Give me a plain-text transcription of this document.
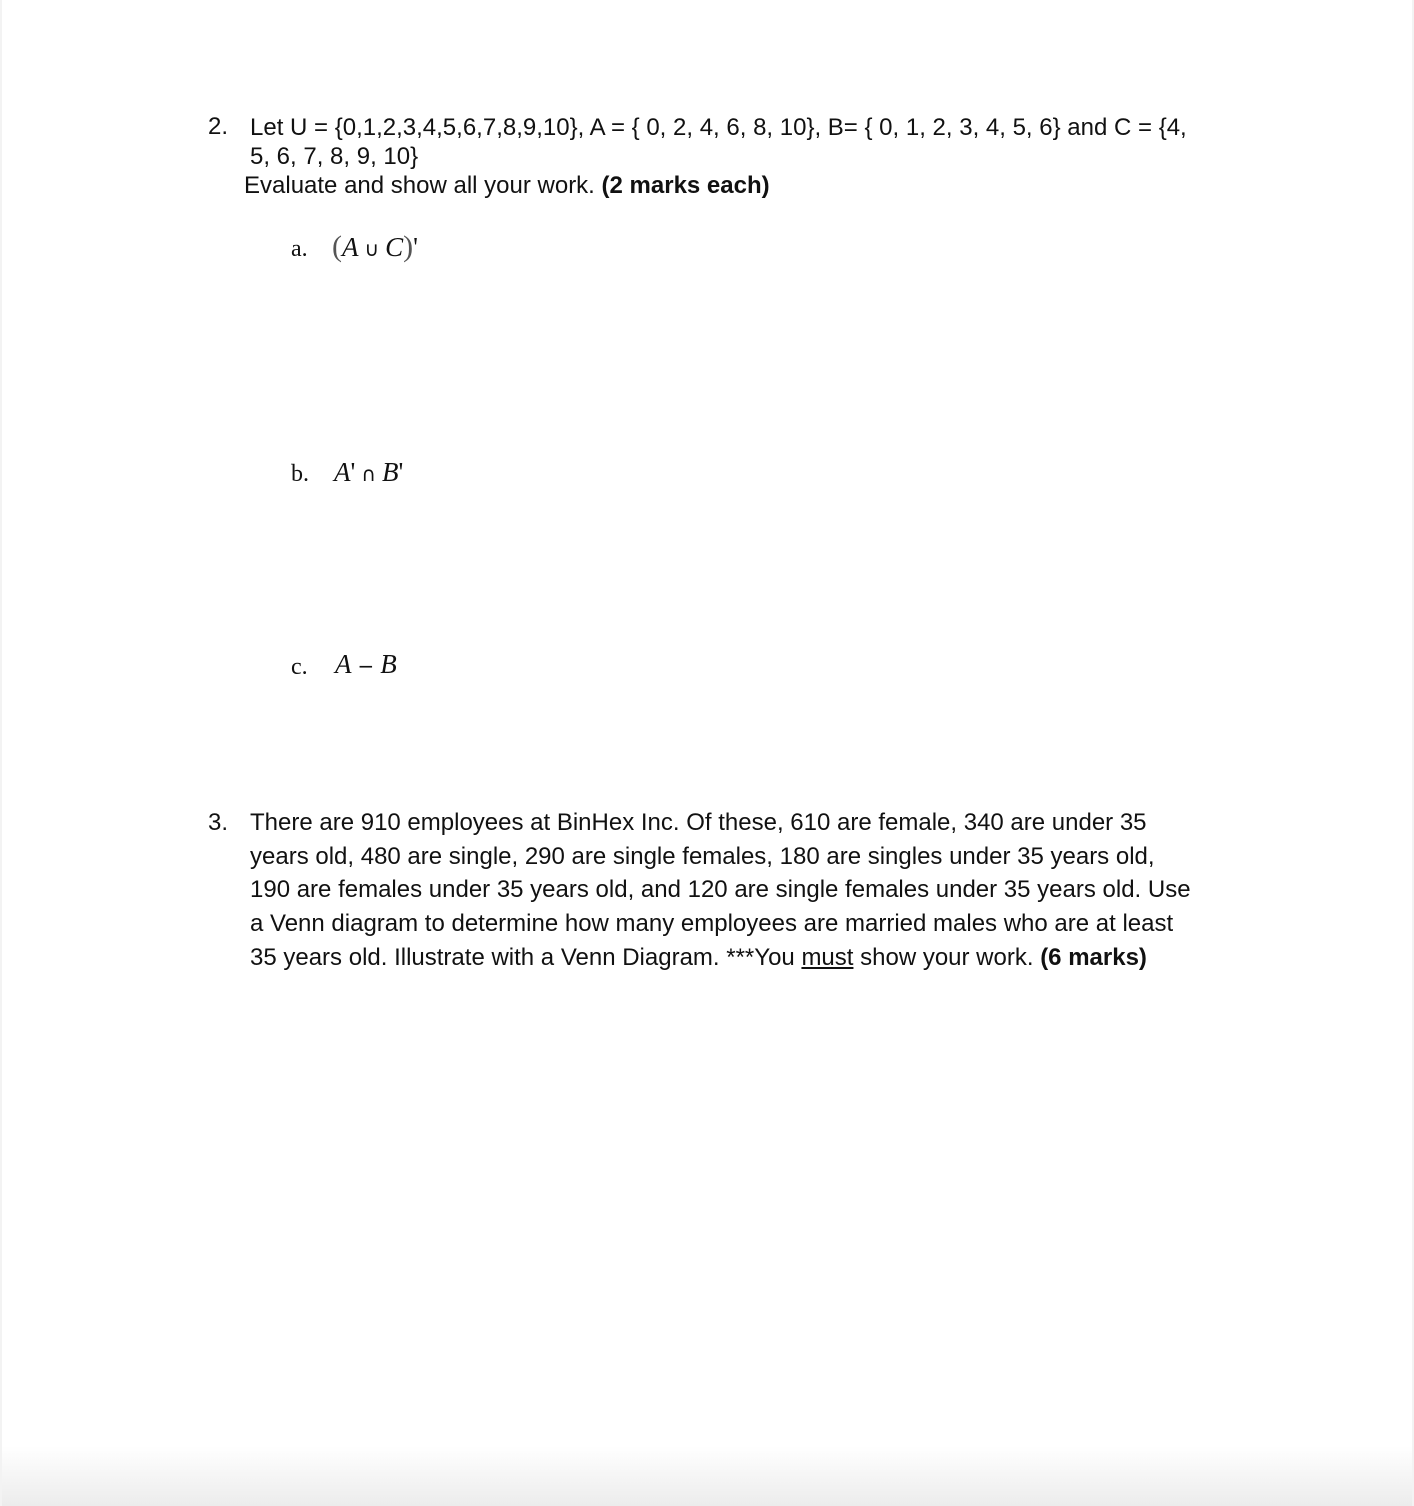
2. Let U = {0,1,2,3,4,5,6,7,8,9,10}, A = { 0, 2, 4, 6, 8, 10}, B= { 0, 1, 2, 3, 4, 5, 6} and C = {4,
5, 6, 7, 8, 9, 10}
Evaluate and show all your work. (2 marks each)
a. (A ∪ C)'
b. A' ∩ B'
c. A − B
3. There are 910 employees at BinHex Inc. Of these, 610 are female, 340 are under 35
years old, 480 are single, 290 are single females, 180 are singles under 35 years old,
190 are females under 35 years old, and 120 are single females under 35 years old. Use
a Venn diagram to determine how many employees are married males who are at least
35 years old. Illustrate with a Venn Diagram. ***You must show your work. (6 marks)
